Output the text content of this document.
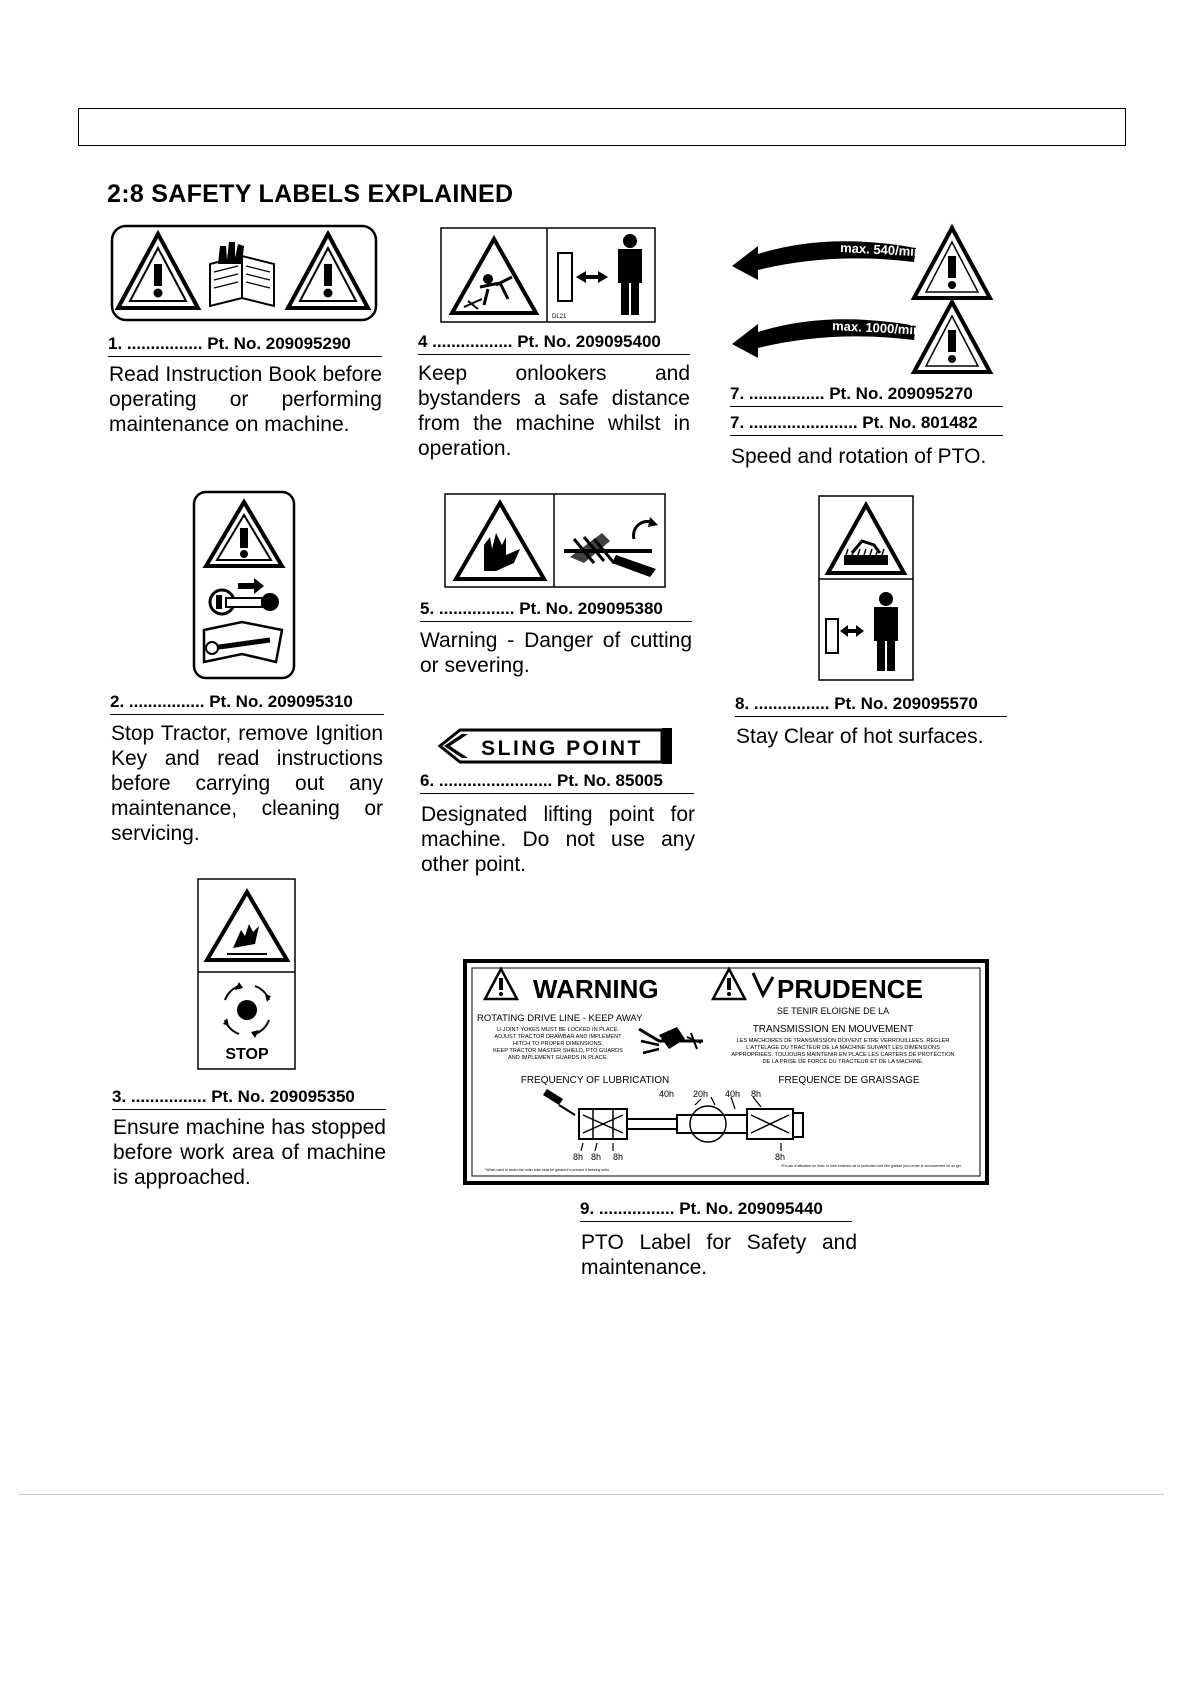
2:8 SAFETY LABELS EXPLAINED
1. ................ Pt. No. 209095290
Read Instruction Book before operating or performing maintenance on machine.
2. ................ Pt. No. 209095310
Stop Tractor, remove Ignition Key and read instructions before carrying out any maintenance, cleaning or servicing.
STOP
3. ................ Pt. No. 209095350
Ensure machine has stopped before work area of machine is approached.
DL21
4 ................. Pt. No. 209095400
Keep onlookers and bystanders a safe distance from the machine whilst in operation.
5. ................ Pt. No. 209095380
Warning - Danger of cutting or severing.
SLING POINT
6. ........................ Pt. No. 85005
Designated lifting point for machine. Do not use any other point.
max. 540/min
max. 1000/min
7. ................ Pt. No. 209095270
7. ....................... Pt. No. 801482
Speed and rotation of PTO.
8. ................ Pt. No. 209095570
Stay Clear of hot surfaces.
WARNING	PRUDENCE
ROTATING DRIVE LINE - KEEP AWAY
U-JOINT YOKES MUST BE LOCKED IN PLACE.
ADJUST TRACTOR DRAWBAR AND IMPLEMENT
HITCH TO PROPER DIMENSIONS.
KEEP TRACTOR MASTER SHIELD, PTO GUARDS
AND IMPLEMENT GUARDS IN PLACE.
SE TENIR ELOIGNE DE LA
TRANSMISSION EN MOUVEMENT
LES MACHOIRES DE TRANSMISSION DOIVENT ETRE VERROUILLEES. REGLER
L'ATTELAGE DU TRACTEUR DE LA MACHINE SUIVANT LES DIMENSIONS
APPROPRIEES. TOUJOURS MAINTENIR EN PLACE LES CARTERS DE PROTECTION
DE LA PRISE DE FORCE DU TRACTEUR ET DE LA MACHINE.
FREQUENCY OF LUBRICATION	FREQUENCE DE GRAISSAGE
40h 20h 40h 8h
8h 8h 8h	8h
*When used in winter the outer tube must be greased to prevent it freezing solid.
*En cas d'utilisation en hiver, le tube extérieur de la protection doit être graissé pour éviter le durcissement dû au gel.
9. ................ Pt. No. 209095440
PTO Label for Safety and maintenance.
